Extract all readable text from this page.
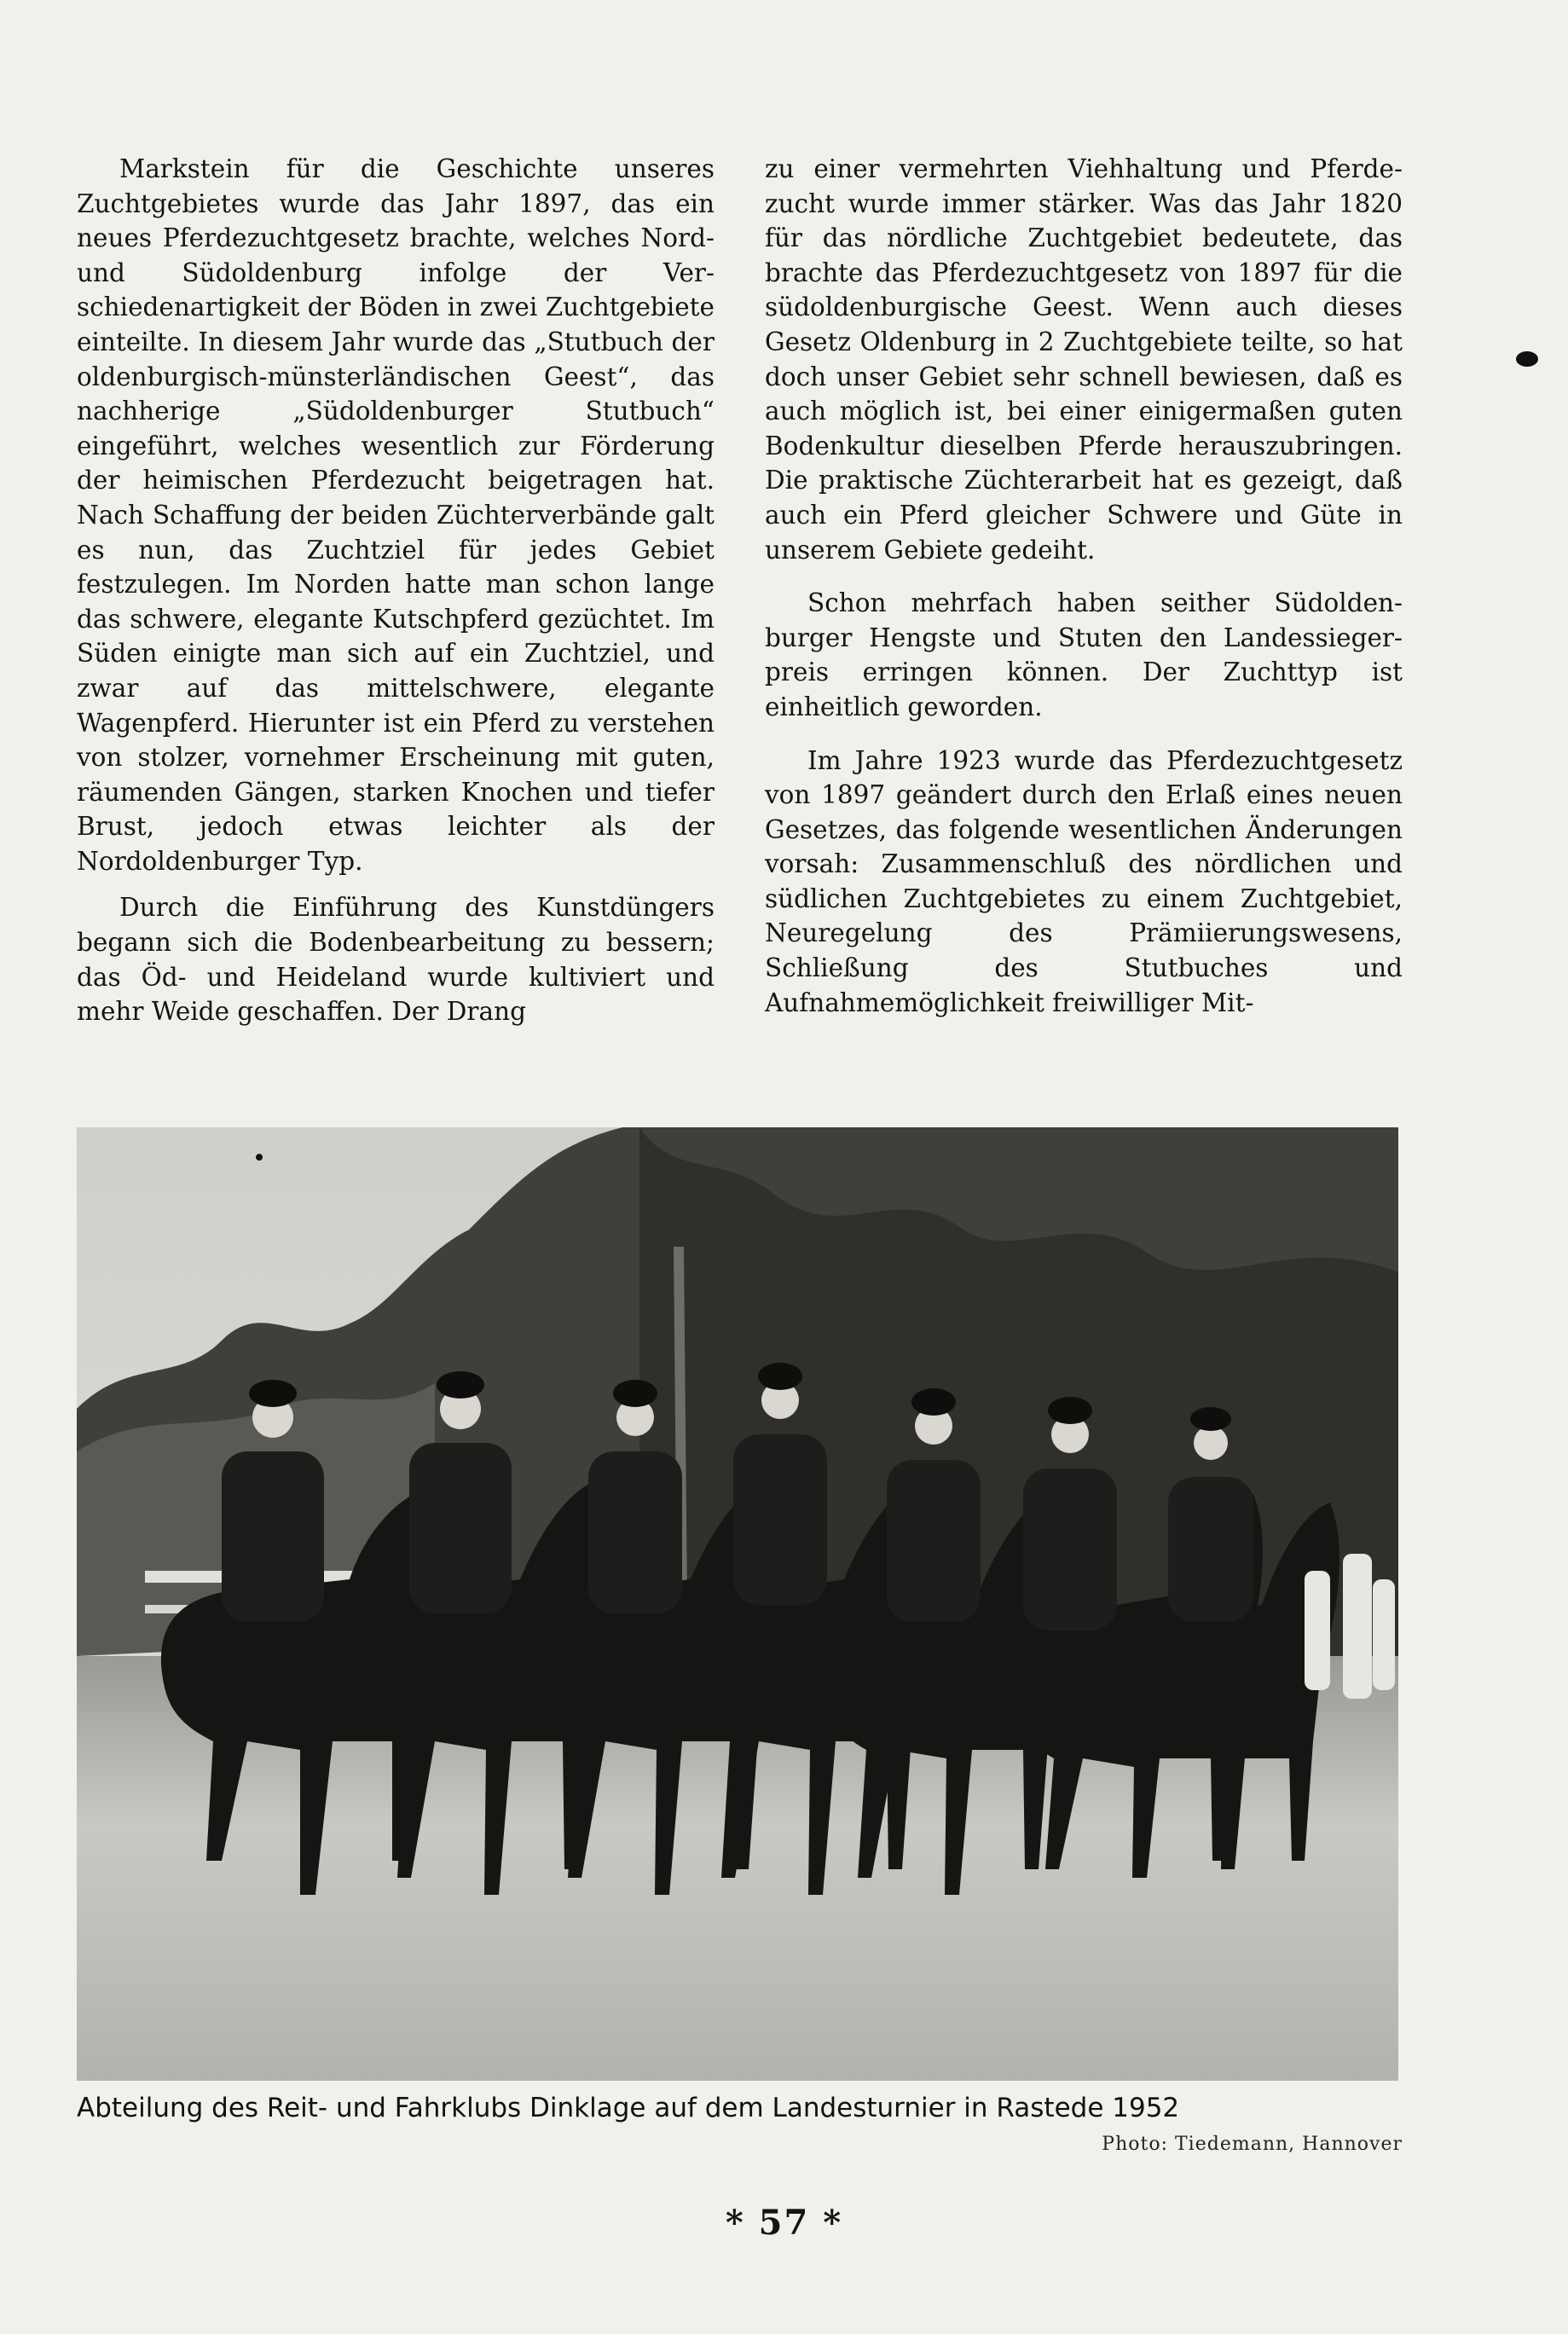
Markstein für die Geschichte unseres Zuchtgebietes wurde das Jahr 1897, das ein neues Pferdezuchtgesetz brachte, welches Nord- und Südoldenburg infolge der Verschiedenartigkeit der Böden in zwei Zuchtgebiete einteilte. In diesem Jahr wurde das „Stutbuch der oldenburgisch-münsterländischen Geest“, das nachherige „Südoldenburger Stutbuch“ eingeführt, welches wesentlich zur Förderung der heimischen Pferdezucht beigetragen hat. Nach Schaffung der beiden Züchterverbände galt es nun, das Zuchtziel für jedes Gebiet festzulegen. Im Norden hatte man schon lange das schwere, elegante Kutschpferd gezüchtet. Im Süden einigte man sich auf ein Zuchtziel, und zwar auf das mittelschwere, elegante Wagenpferd. Hierunter ist ein Pferd zu verstehen von stolzer, vornehmer Erscheinung mit guten, räumenden Gängen, starken Knochen und tiefer Brust, jedoch etwas leichter als der Nordoldenburger Typ.

Durch die Einführung des Kunstdüngers begann sich die Bodenbearbeitung zu bessern; das Öd- und Heideland wurde kultiviert und mehr Weide geschaffen. Der Drang

zu einer vermehrten Viehhaltung und Pferdezucht wurde immer stärker. Was das Jahr 1820 für das nördliche Zuchtgebiet bedeutete, das brachte das Pferdezuchtgesetz von 1897 für die südoldenburgische Geest. Wenn auch dieses Gesetz Oldenburg in 2 Zuchtgebiete teilte, so hat doch unser Gebiet sehr schnell bewiesen, daß es auch möglich ist, bei einer einigermaßen guten Bodenkultur dieselben Pferde herauszubringen. Die praktische Züchterarbeit hat es gezeigt, daß auch ein Pferd gleicher Schwere und Güte in unserem Gebiete gedeiht.

Schon mehrfach haben seither Südoldenburger Hengste und Stuten den Landessiegerpreis erringen können. Der Zuchttyp ist einheitlich geworden.

Im Jahre 1923 wurde das Pferdezuchtgesetz von 1897 geändert durch den Erlaß eines neuen Gesetzes, das folgende wesentlichen Änderungen vorsah: Zusammenschluß des nördlichen und südlichen Zuchtgebietes zu einem Zuchtgebiet, Neuregelung des Prämiierungswesens, Schließung des Stutbuches und Aufnahmemöglichkeit freiwilliger Mit-

Abteilung des Reit- und Fahrklubs Dinklage auf dem Landesturnier in Rastede 1952
Photo: Tiedemann, Hannover
* 57 *
